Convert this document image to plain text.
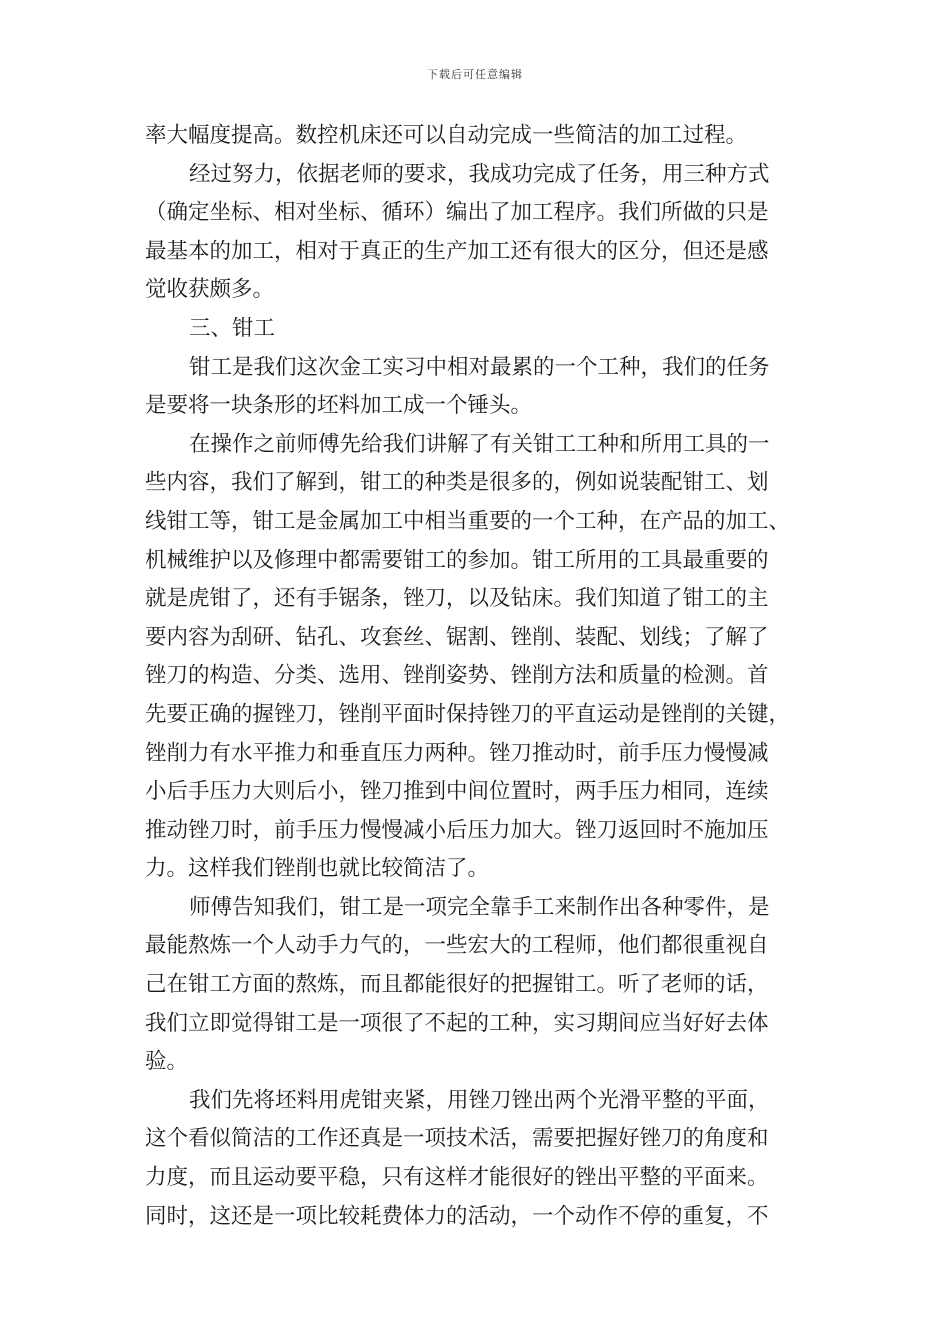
下载后可任意编辑
率大幅度提高。数控机床还可以自动完成一些简洁的加工过程。
经过努力，依据老师的要求，我成功完成了任务，用三种方式
（确定坐标、相对坐标、循环）编出了加工程序。我们所做的只是
最基本的加工，相对于真正的生产加工还有很大的区分，但还是感
觉收获颇多。
三、钳工
钳工是我们这次金工实习中相对最累的一个工种，我们的任务
是要将一块条形的坯料加工成一个锤头。
在操作之前师傅先给我们讲解了有关钳工工种和所用工具的一
些内容，我们了解到，钳工的种类是很多的，例如说装配钳工、划
线钳工等，钳工是金属加工中相当重要的一个工种，在产品的加工、
机械维护以及修理中都需要钳工的参加。钳工所用的工具最重要的
就是虎钳了，还有手锯条，锉刀，以及钻床。我们知道了钳工的主
要内容为刮研、钻孔、攻套丝、锯割、锉削、装配、划线；了解了
锉刀的构造、分类、选用、锉削姿势、锉削方法和质量的检测。首
先要正确的握锉刀，锉削平面时保持锉刀的平直运动是锉削的关键，
锉削力有水平推力和垂直压力两种。锉刀推动时，前手压力慢慢减
小后手压力大则后小，锉刀推到中间位置时，两手压力相同，连续
推动锉刀时，前手压力慢慢减小后压力加大。锉刀返回时不施加压
力。这样我们锉削也就比较简洁了。
师傅告知我们，钳工是一项完全靠手工来制作出各种零件，是
最能熬炼一个人动手力气的，一些宏大的工程师，他们都很重视自
己在钳工方面的熬炼，而且都能很好的把握钳工。听了老师的话，
我们立即觉得钳工是一项很了不起的工种，实习期间应当好好去体
验。
我们先将坯料用虎钳夹紧，用锉刀锉出两个光滑平整的平面，
这个看似简洁的工作还真是一项技术活，需要把握好锉刀的角度和
力度，而且运动要平稳，只有这样才能很好的锉出平整的平面来。
同时，这还是一项比较耗费体力的活动，一个动作不停的重复，不
